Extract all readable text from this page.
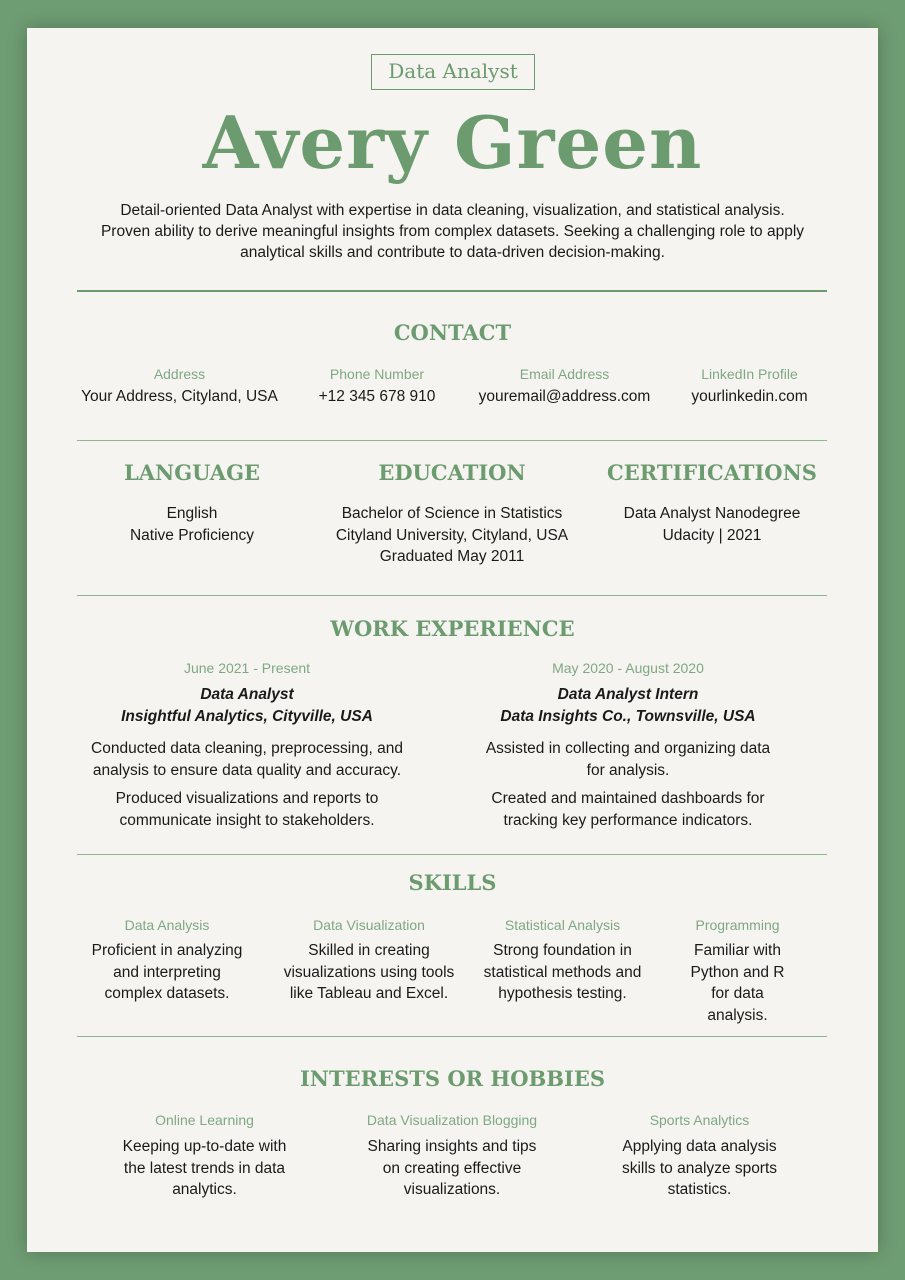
Data Analyst
Avery Green
Detail-oriented Data Analyst with expertise in data cleaning, visualization, and statistical analysis. Proven ability to derive meaningful insights from complex datasets. Seeking a challenging role to apply analytical skills and contribute to data-driven decision-making.
CONTACT
Address
Your Address, Cityland, USA
Phone Number
+12 345 678 910
Email Address
youremail@address.com
LinkedIn Profile
yourlinkedin.com
LANGUAGE
English
Native Proficiency
EDUCATION
Bachelor of Science in Statistics
Cityland University, Cityland, USA
Graduated May 2011
CERTIFICATIONS
Data Analyst Nanodegree
Udacity | 2021
WORK EXPERIENCE
June 2021 - Present
Data Analyst
Insightful Analytics, Cityville, USA
Conducted data cleaning, preprocessing, and analysis to ensure data quality and accuracy.
Produced visualizations and reports to communicate insight to stakeholders.
May 2020 - August 2020
Data Analyst Intern
Data Insights Co., Townsville, USA
Assisted in collecting and organizing data for analysis.
Created and maintained dashboards for tracking key performance indicators.
SKILLS
Data Analysis
Proficient in analyzing and interpreting complex datasets.
Data Visualization
Skilled in creating visualizations using tools like Tableau and Excel.
Statistical Analysis
Strong foundation in statistical methods and hypothesis testing.
Programming
Familiar with Python and R for data analysis.
INTERESTS OR HOBBIES
Online Learning
Keeping up-to-date with the latest trends in data analytics.
Data Visualization Blogging
Sharing insights and tips on creating effective visualizations.
Sports Analytics
Applying data analysis skills to analyze sports statistics.
